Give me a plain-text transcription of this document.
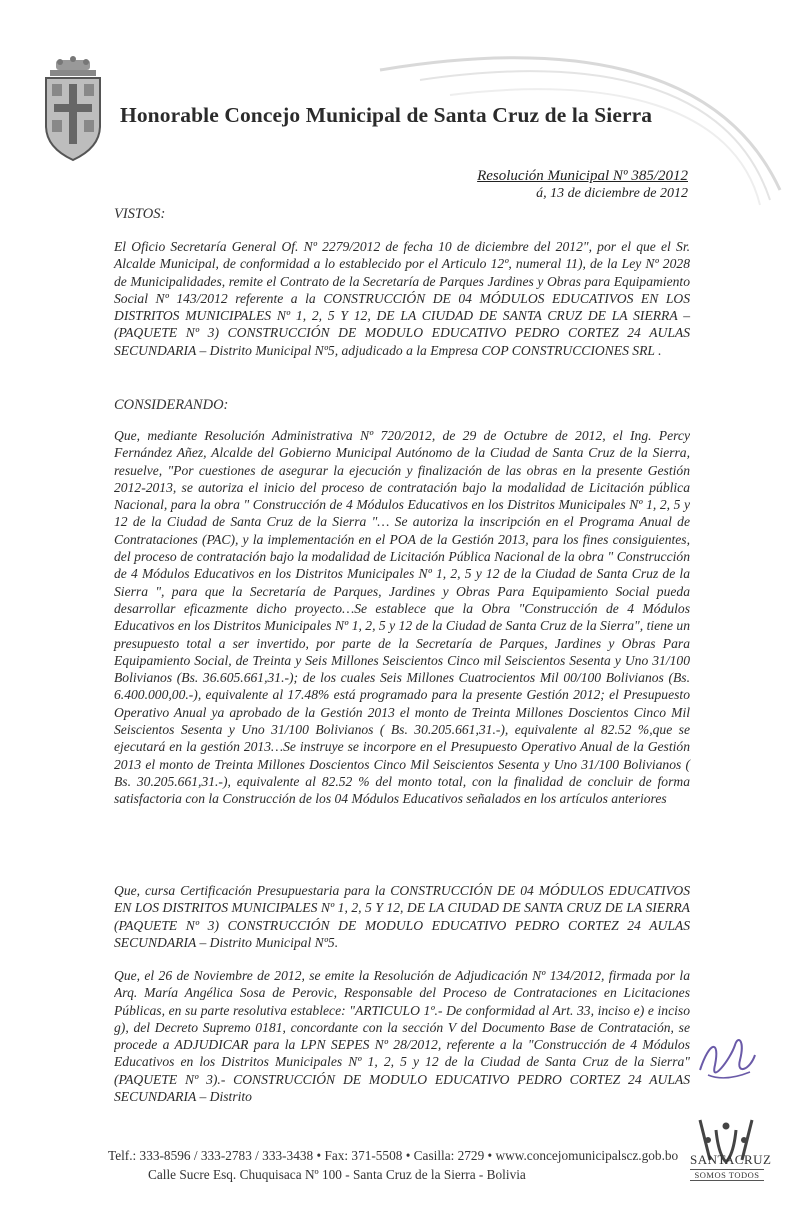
Honorable Concejo Municipal de Santa Cruz de la Sierra
Resolución Municipal Nº 385/2012
á, 13 de diciembre de 2012
VISTOS:
El Oficio Secretaría General Of. Nº 2279/2012 de fecha 10 de diciembre del 2012", por el que el Sr. Alcalde Municipal, de conformidad a lo establecido por el Articulo 12º, numeral 11), de la Ley Nº 2028 de Municipalidades, remite el Contrato de la Secretaría de Parques Jardines y Obras para Equipamiento Social Nº 143/2012 referente a la CONSTRUCCIÓN DE 04 MÓDULOS EDUCATIVOS EN LOS DISTRITOS MUNICIPALES Nº 1, 2, 5 Y 12, DE LA CIUDAD DE SANTA CRUZ DE LA SIERRA – (PAQUETE Nº 3) CONSTRUCCIÓN DE MODULO EDUCATIVO PEDRO CORTEZ 24 AULAS SECUNDARIA – Distrito Municipal Nº5, adjudicado a la Empresa COP CONSTRUCCIONES SRL .
CONSIDERANDO:
Que, mediante Resolución Administrativa Nº 720/2012, de 29 de Octubre de 2012, el Ing. Percy Fernández Añez, Alcalde del Gobierno Municipal Autónomo de la Ciudad de Santa Cruz de la Sierra, resuelve, "Por cuestiones de asegurar la ejecución y finalización de las obras en la presente Gestión 2012-2013, se autoriza el inicio del proceso de contratación bajo la modalidad de Licitación pública Nacional, para la obra " Construcción de 4 Módulos Educativos en los Distritos Municipales Nº 1, 2, 5 y 12 de la Ciudad de Santa Cruz de la Sierra "… Se autoriza la inscripción en el Programa Anual de Contrataciones (PAC), y la implementación en el POA de la Gestión 2013, para los fines consiguientes, del proceso de contratación bajo la modalidad de Licitación Pública Nacional de la obra " Construcción de 4 Módulos Educativos en los Distritos Municipales Nº 1, 2, 5 y 12 de la Ciudad de Santa Cruz de la Sierra ", para que la Secretaría de Parques, Jardines y Obras Para Equipamiento Social pueda desarrollar eficazmente dicho proyecto…Se establece que la Obra "Construcción de 4 Módulos Educativos en los Distritos Municipales Nº 1, 2, 5 y 12 de la Ciudad de Santa Cruz de la Sierra", tiene un presupuesto total a ser invertido, por parte de la Secretaría de Parques, Jardines y Obras Para Equipamiento Social, de Treinta y Seis Millones Seiscientos Cinco mil Seiscientos Sesenta y Uno 31/100 Bolivianos (Bs. 36.605.661,31.-); de los cuales Seis Millones Cuatrocientos Mil 00/100 Bolivianos (Bs. 6.400.000,00.-), equivalente al 17.48% está programado para la presente Gestión 2012; el Presupuesto Operativo Anual ya aprobado de la Gestión 2013 el monto de Treinta Millones Doscientos Cinco Mil Seiscientos Sesenta y Uno 31/100 Bolivianos ( Bs. 30.205.661,31.-), equivalente al 82.52 %,que se ejecutará en la gestión 2013…Se instruye se incorpore en el Presupuesto Operativo Anual de la Gestión 2013 el monto de Treinta Millones Doscientos Cinco Mil Seiscientos Sesenta y Uno 31/100 Bolivianos ( Bs. 30.205.661,31.-), equivalente al 82.52 % del monto total, con la finalidad de concluir de forma satisfactoria con la Construcción de los 04 Módulos Educativos señalados en los artículos anteriores
Que, cursa Certificación Presupuestaria para la CONSTRUCCIÓN DE 04 MÓDULOS EDUCATIVOS EN LOS DISTRITOS MUNICIPALES Nº 1, 2, 5 Y 12, DE LA CIUDAD DE SANTA CRUZ DE LA SIERRA (PAQUETE Nº 3) CONSTRUCCIÓN DE MODULO EDUCATIVO PEDRO CORTEZ 24 AULAS SECUNDARIA – Distrito Municipal Nº5.
Que, el 26 de Noviembre de 2012, se emite la Resolución de Adjudicación Nº 134/2012, firmada por la Arq. María Angélica Sosa de Perovic, Responsable del Proceso de Contrataciones en Licitaciones Públicas, en su parte resolutiva establece: "ARTICULO 1º.- De conformidad al Art. 33, inciso e) e inciso g), del Decreto Supremo 0181, concordante con la sección V del Documento Base de Contratación, se procede a ADJUDICAR para la LPN SEPES Nº 28/2012, referente a la "Construcción de 4 Módulos Educativos en los Distritos Municipales Nº 1, 2, 5 y 12 de la Ciudad de Santa Cruz de la Sierra" (PAQUETE Nº 3).- CONSTRUCCIÓN DE MODULO EDUCATIVO PEDRO CORTEZ 24 AULAS SECUNDARIA – Distrito
SANTACRUZ
SOMOS TODOS
Telf.: 333-8596 / 333-2783 / 333-3438 • Fax: 371-5508 • Casilla: 2729 • www.concejomunicipalscz.gob.bo
Calle Sucre Esq. Chuquisaca Nº 100 - Santa Cruz de la Sierra - Bolivia
